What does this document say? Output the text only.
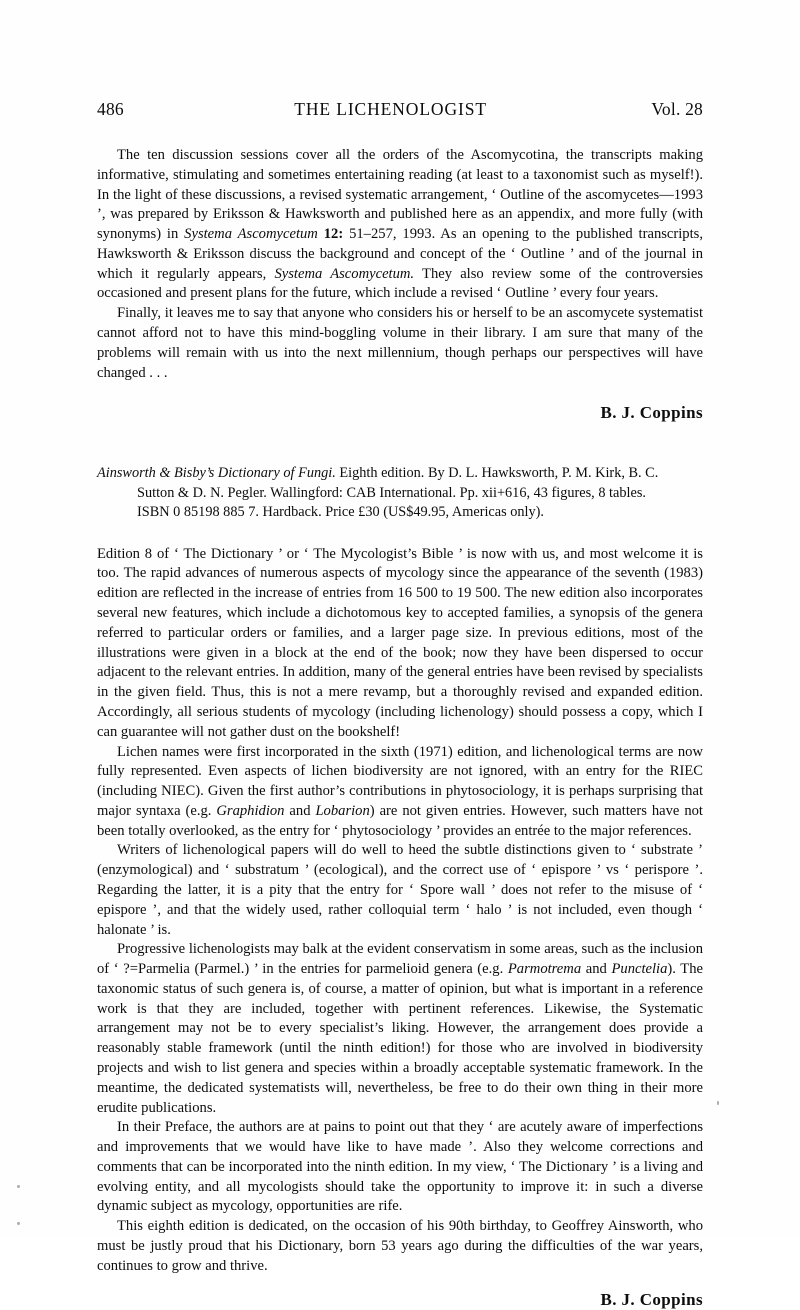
486	THE LICHENOLOGIST	Vol. 28

The ten discussion sessions cover all the orders of the Ascomycotina, the transcripts making informative, stimulating and sometimes entertaining reading (at least to a taxonomist such as myself!). In the light of these discussions, a revised systematic arrangement, ‘ Outline of the ascomycetes—1993 ’, was prepared by Eriksson & Hawksworth and published here as an appendix, and more fully (with synonyms) in Systema Ascomycetum 12: 51–257, 1993. As an opening to the published transcripts, Hawksworth & Eriksson discuss the background and concept of the ‘ Outline ’ and of the journal in which it regularly appears, Systema Ascomycetum. They also review some of the controversies occasioned and present plans for the future, which include a revised ‘ Outline ’ every four years.

Finally, it leaves me to say that anyone who considers his or herself to be an ascomycete systematist cannot afford not to have this mind-boggling volume in their library. I am sure that many of the problems will remain with us into the next millennium, though perhaps our perspectives will have changed . . .

B. J. Coppins
Ainsworth & Bisby’s Dictionary of Fungi. Eighth edition. By D. L. Hawksworth, P. M. Kirk, B. C.
Sutton & D. N. Pegler. Wallingford: CAB International. Pp. xii+616, 43 figures, 8 tables.
ISBN 0 85198 885 7. Hardback. Price £30 (US$49.95, Americas only).

Edition 8 of ‘ The Dictionary ’ or ‘ The Mycologist’s Bible ’ is now with us, and most welcome it is too. The rapid advances of numerous aspects of mycology since the appearance of the seventh (1983) edition are reflected in the increase of entries from 16 500 to 19 500. The new edition also incorporates several new features, which include a dichotomous key to accepted families, a synopsis of the genera referred to particular orders or families, and a larger page size. In previous editions, most of the illustrations were given in a block at the end of the book; now they have been dispersed to occur adjacent to the relevant entries. In addition, many of the general entries have been revised by specialists in the given field. Thus, this is not a mere revamp, but a thoroughly revised and expanded edition. Accordingly, all serious students of mycology (including lichenology) should possess a copy, which I can guarantee will not gather dust on the bookshelf!

Lichen names were first incorporated in the sixth (1971) edition, and lichenological terms are now fully represented. Even aspects of lichen biodiversity are not ignored, with an entry for the RIEC (including NIEC). Given the first author’s contributions in phytosociology, it is perhaps surprising that major syntaxa (e.g. Graphidion and Lobarion) are not given entries. However, such matters have not been totally overlooked, as the entry for ‘ phytosociology ’ provides an entrée to the major references.

Writers of lichenological papers will do well to heed the subtle distinctions given to ‘ substrate ’ (enzymological) and ‘ substratum ’ (ecological), and the correct use of ‘ epispore ’ vs ‘ perispore ’. Regarding the latter, it is a pity that the entry for ‘ Spore wall ’ does not refer to the misuse of ‘ epispore ’, and that the widely used, rather colloquial term ‘ halo ’ is not included, even though ‘ halonate ’ is.

Progressive lichenologists may balk at the evident conservatism in some areas, such as the inclusion of ‘ ?=Parmelia (Parmel.) ’ in the entries for parmelioid genera (e.g. Parmotrema and Punctelia). The taxonomic status of such genera is, of course, a matter of opinion, but what is important in a reference work is that they are included, together with pertinent references. Likewise, the Systematic arrangement may not be to every specialist’s liking. However, the arrangement does provide a reasonably stable framework (until the ninth edition!) for those who are involved in biodiversity projects and wish to list genera and species within a broadly acceptable systematic framework. In the meantime, the dedicated systematists will, nevertheless, be free to do their own thing in their more erudite publications.

In their Preface, the authors are at pains to point out that they ‘ are acutely aware of imperfections and improvements that we would have like to have made ’. Also they welcome corrections and comments that can be incorporated into the ninth edition. In my view, ‘ The Dictionary ’ is a living and evolving entity, and all mycologists should take the opportunity to improve it: in such a diverse dynamic subject as mycology, opportunities are rife.

This eighth edition is dedicated, on the occasion of his 90th birthday, to Geoffrey Ainsworth, who must be justly proud that his Dictionary, born 53 years ago during the difficulties of the war years, continues to grow and thrive.

B. J. Coppins
